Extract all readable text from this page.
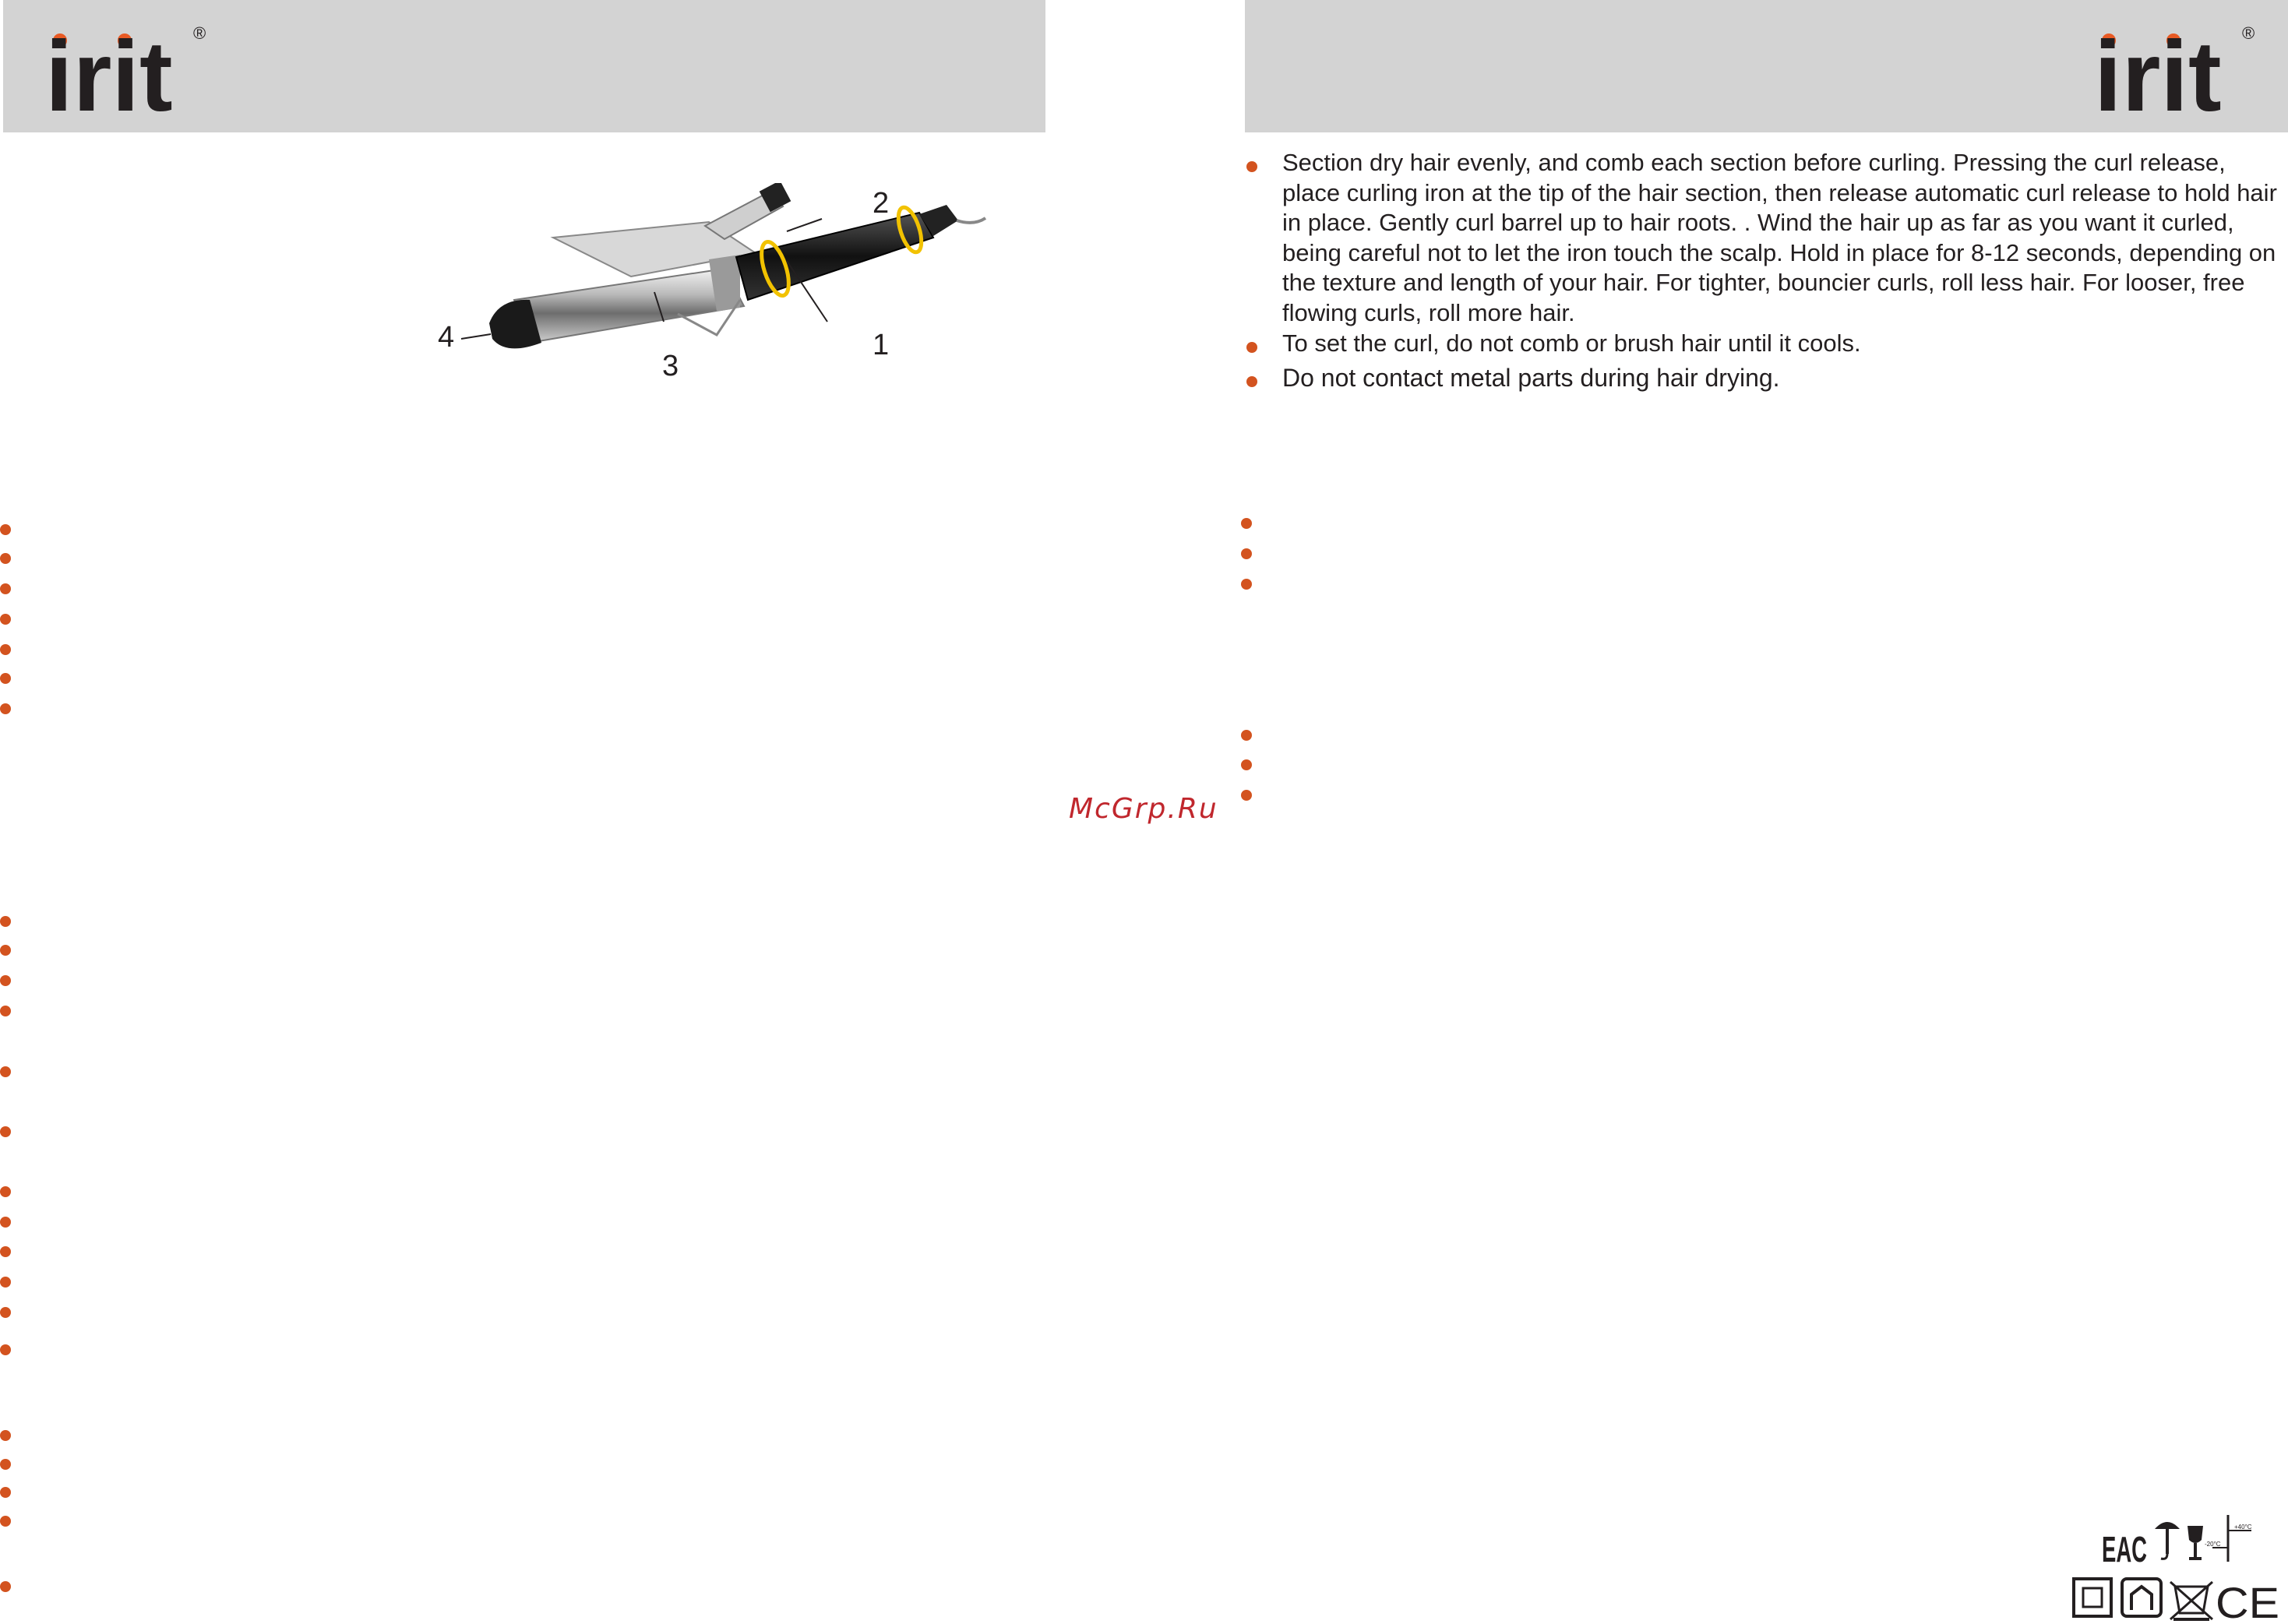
irit ®	irit ®
1
2
3
4
Section dry hair evenly, and comb each section before curling. Pressing the curl release, place curling iron at the tip of the hair section, then release automatic curl release to hold hair in place. Gently curl barrel up to hair roots. . Wind the hair up as far as you want it curled, being careful not to let the iron touch the scalp. Hold in place for 8-12 seconds, depending on the texture and length of your hair. For tighter, bouncier curls, roll less hair. For looser, free flowing curls, roll more hair.
To set the curl, do not comb or brush hair until it cools.
Do not contact metal parts during hair drying.
McGrp.Ru
EAC
+40°C
-20°C
CE
